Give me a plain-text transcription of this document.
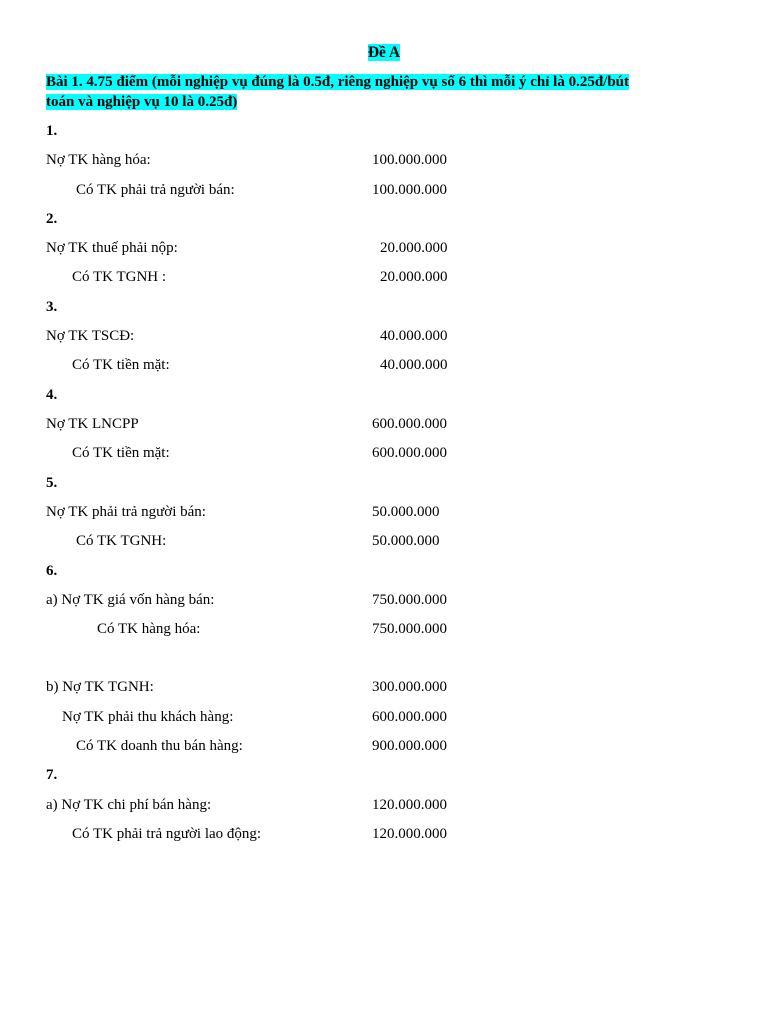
Đề A
Bài 1. 4.75 điểm (mỗi nghiệp vụ đúng là 0.5đ, riêng nghiệp vụ số 6 thì mỗi ý chỉ là 0.25đ/bút
toán và nghiệp vụ 10 là 0.25đ)
1.
Nợ TK hàng hóa:	100.000.000
Có TK phải trả người bán:	100.000.000
2.
Nợ TK thuế phải nộp:	20.000.000
Có TK TGNH :	20.000.000
3.
Nợ TK TSCĐ:	40.000.000
Có TK tiền mặt:	40.000.000
4.
Nợ TK LNCPP	600.000.000
Có TK tiền mặt:	600.000.000
5.
Nợ TK phải trả người bán:	50.000.000
Có TK TGNH:	50.000.000
6.
a) Nợ TK giá vốn hàng bán:	750.000.000
Có TK hàng hóa:	750.000.000
b) Nợ TK TGNH:	300.000.000
Nợ TK phải thu khách hàng:	600.000.000
Có TK doanh thu bán hàng:	900.000.000
7.
a) Nợ TK chi phí bán hàng:	120.000.000
Có TK phải trả người lao động:	120.000.000
